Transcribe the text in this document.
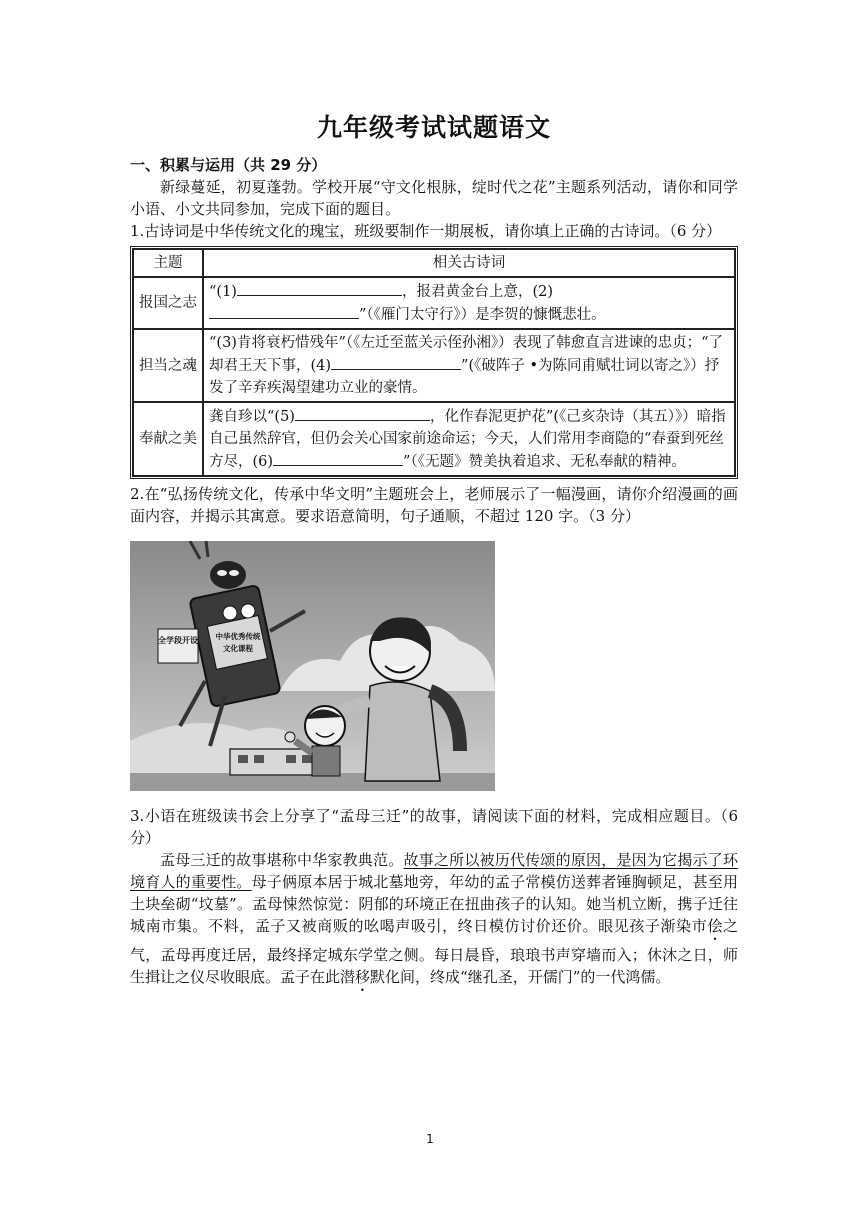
九年级考试试题语文
一、积累与运用（共 29 分）

新绿蔓延，初夏蓬勃。学校开展“守文化根脉，绽时代之花”主题系列活动，请你和同学小语、小文共同参加，完成下面的题目。

1.古诗词是中华传统文化的瑰宝，班级要制作一期展板，请你填上正确的古诗词。（6 分）

主题	相关古诗词
报国之志	“(1) ，报君黄金台上意，(2)
”（《雁门太守行》）是李贺的慷慨悲壮。
担当之魂	“(3)肯将衰朽惜残年”（《左迁至蓝关示侄孙湘》）表现了韩愈直言进谏的忠贞；“了却君王天下事，(4) ”(《破阵子 •为陈同甫赋壮词以寄之》）抒发了辛弃疾渴望建功立业的豪情。
奉献之美	龚自珍以“(5) ，化作春泥更护花”(《己亥杂诗（其五）》）暗指自己虽然辞官，但仍会关心国家前途命运；今天，人们常用李商隐的“春蚕到死丝方尽，(6) ”（《无题》赞美执着追求、无私奉献的精神。

2.在“弘扬传统文化，传承中华文明”主题班会上，老师展示了一幅漫画，请你介绍漫画的画面内容，并揭示其寓意。要求语意简明，句子通顺，不超过 120 字。（3 分）

中华优秀传统
文化课程
全学段开设

3.小语在班级读书会上分享了“孟母三迁”的故事，请阅读下面的材料，完成相应题目。（6 分）

孟母三迁的故事堪称中华家教典范。故事之所以被历代传颂的原因，是因为它揭示了环境育人的重要性。母子俩原本居于城北墓地旁，年幼的孟子常模仿送葬者锤胸顿足，甚至用土块垒砌“坟墓”。孟母悚然惊觉：阴郁的环境正在扭曲孩子的认知。她当机立断，携子迁往城南市集。不料，孟子又被商贩的吆喝声吸引，终日模仿讨价还价。眼见孩子渐染市侩之气，孟母再度迁居，最终择定城东学堂之侧。每日晨昏，琅琅书声穿墙而入；休沐之日，师生揖让之仪尽收眼底。孟子在此潜移默化间，终成“继孔圣，开儒门”的一代鸿儒。

1
